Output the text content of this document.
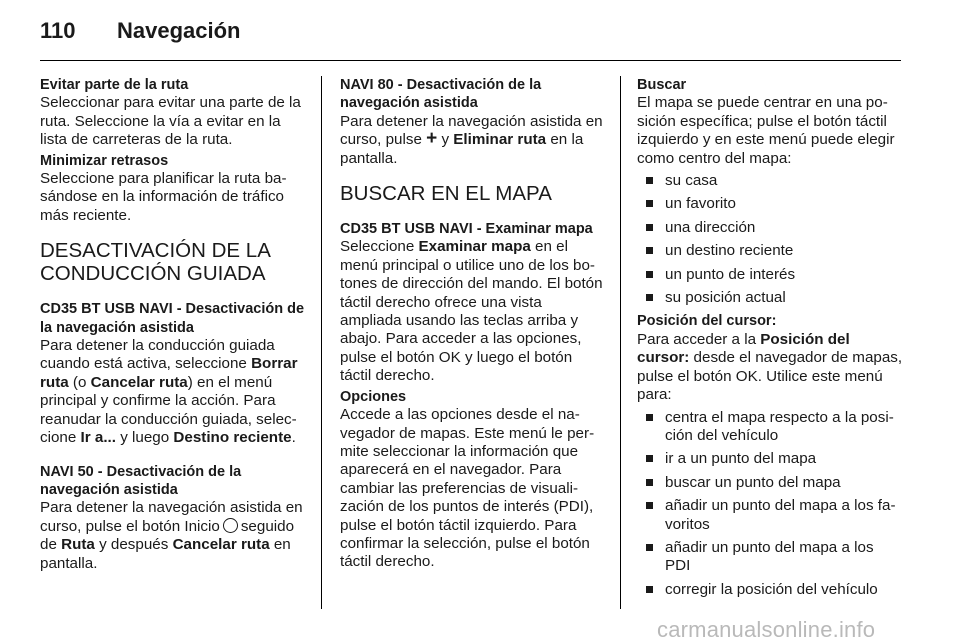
110 Navegación
Evitar parte de la ruta
Seleccionar para evitar una parte de la ruta. Seleccione la vía a evitar en la lista de carreteras de la ruta.
Minimizar retrasos
Seleccione para planificar la ruta basándose en la información de tráfico más reciente.
DESACTIVACIÓN DE LA CONDUCCIÓN GUIADA
CD35 BT USB NAVI - Desactivación de la navegación asistida
Para detener la conducción guiada cuando está activa, seleccione Borrar ruta (o Cancelar ruta) en el menú principal y confirme la acción. Para reanudar la conducción guiada, seleccione Ir a... y luego Destino reciente.
NAVI 50 - Desactivación de la navegación asistida
Para detener la navegación asistida en curso, pulse el botón Inicio seguido de Ruta y después Cancelar ruta en pantalla.
NAVI 80 - Desactivación de la navegación asistida
Para detener la navegación asistida en curso, pulse + y Eliminar ruta en la pantalla.
BUSCAR EN EL MAPA
CD35 BT USB NAVI - Examinar mapa
Seleccione Examinar mapa en el menú principal o utilice uno de los botones de dirección del mando. El botón táctil derecho ofrece una vista ampliada usando las teclas arriba y abajo. Para acceder a las opciones, pulse el botón OK y luego el botón táctil derecho.
Opciones
Accede a las opciones desde el navegador de mapas. Este menú le permite seleccionar la información que aparecerá en el navegador. Para cambiar las preferencias de visualización de los puntos de interés (PDI), pulse el botón táctil izquierdo. Para confirmar la selección, pulse el botón táctil derecho.
Buscar
El mapa se puede centrar en una posición específica; pulse el botón táctil izquierdo y en este menú puede elegir como centro del mapa:
su casa
un favorito
una dirección
un destino reciente
un punto de interés
su posición actual
Posición del cursor:
Para acceder a la Posición del cursor: desde el navegador de mapas, pulse el botón OK. Utilice este menú para:
centra el mapa respecto a la posición del vehículo
ir a un punto del mapa
buscar un punto del mapa
añadir un punto del mapa a los favoritos
añadir un punto del mapa a los PDI
corregir la posición del vehículo
carmanualsonline.info
